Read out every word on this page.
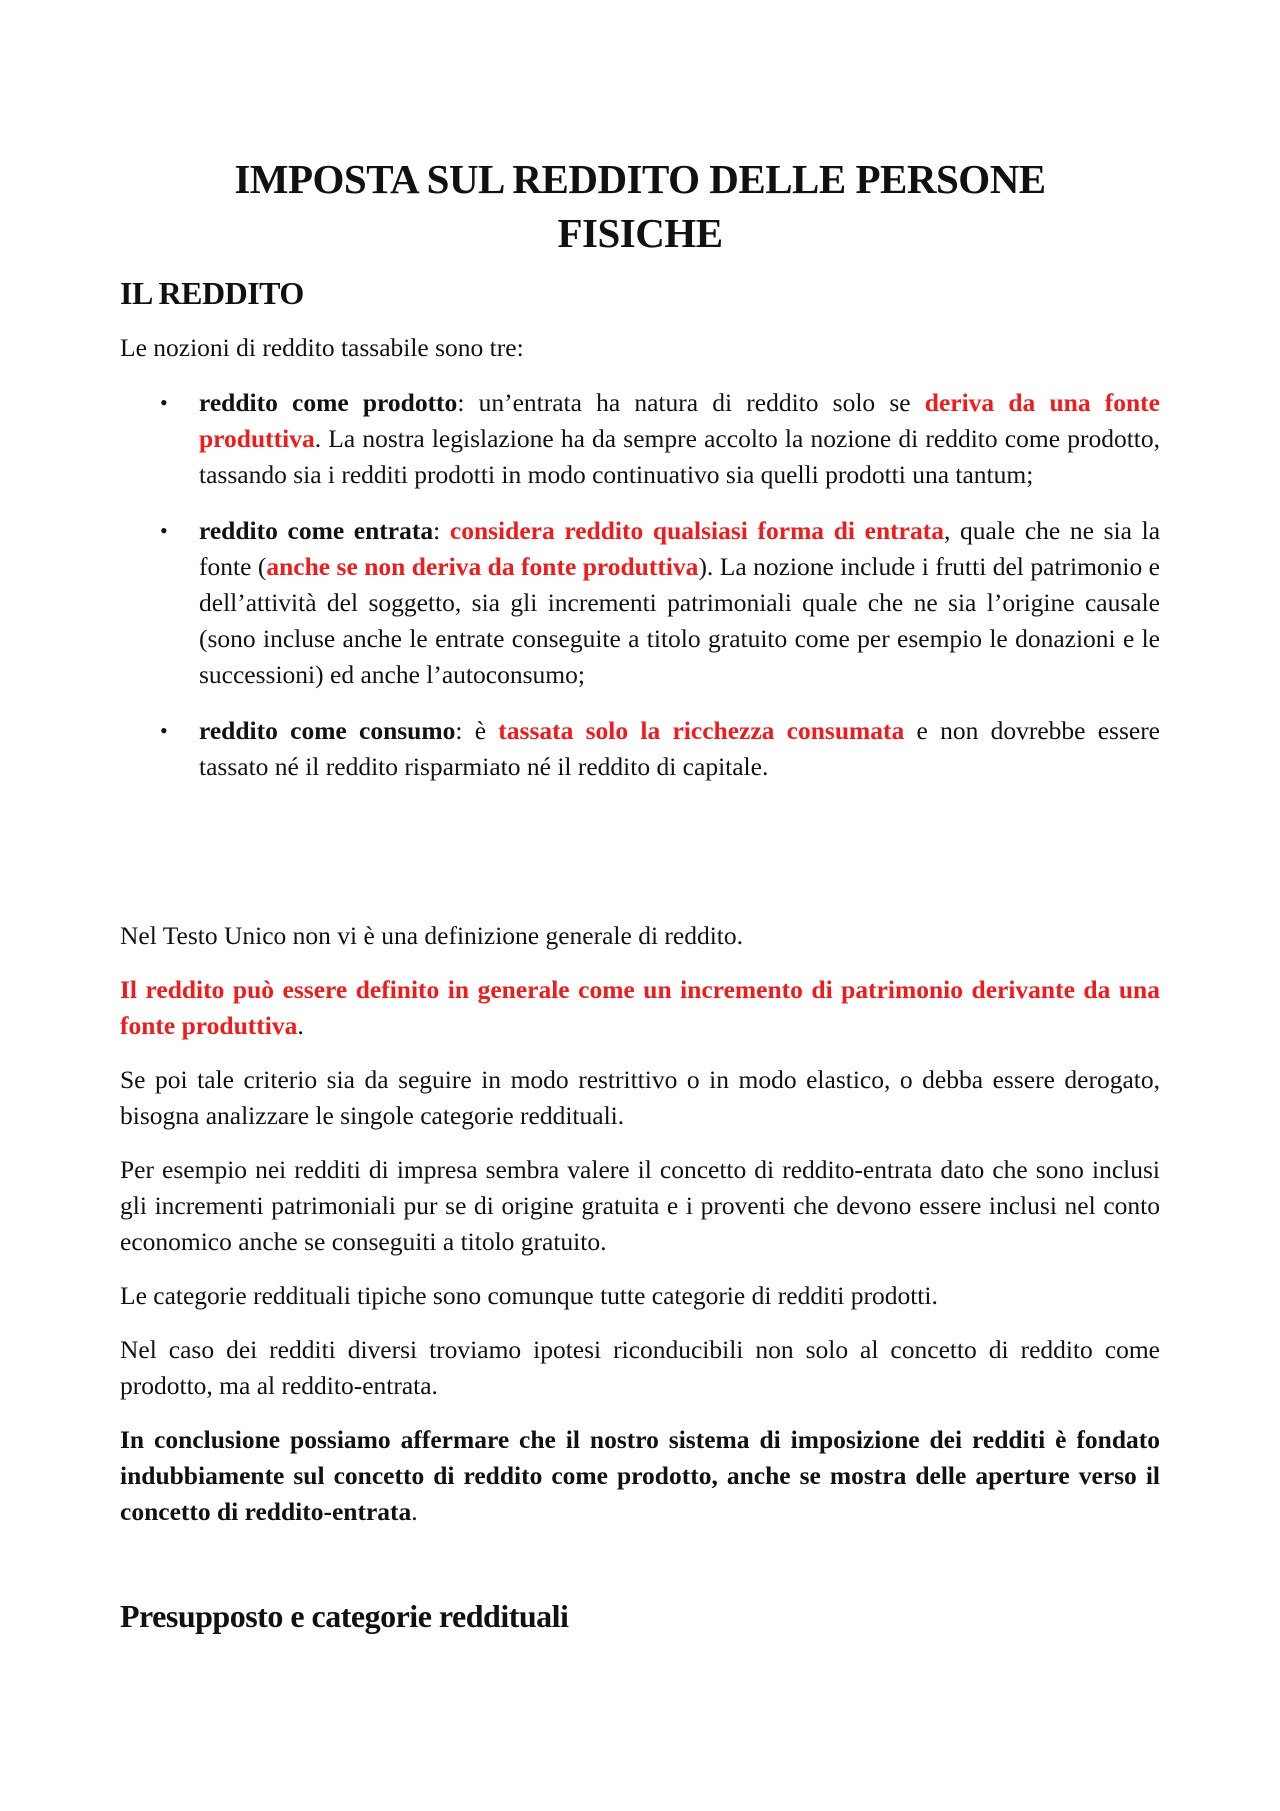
IMPOSTA SUL REDDITO DELLE PERSONE
FISICHE
IL REDDITO

Le nozioni di reddito tassabile sono tre:

• reddito come prodotto: un’entrata ha natura di reddito solo se deriva da una fonte produttiva. La nostra legislazione ha da sempre accolto la nozione di reddito come prodotto, tassando sia i redditi prodotti in modo continuativo sia quelli prodotti una tantum;
• reddito come entrata: considera reddito qualsiasi forma di entrata, quale che ne sia la fonte (anche se non deriva da fonte produttiva). La nozione include i frutti del patrimonio e dell’attività del soggetto, sia gli incrementi patrimoniali quale che ne sia l’origine causale (sono incluse anche le entrate conseguite a titolo gratuito come per esempio le donazioni e le successioni) ed anche l’autoconsumo;
• reddito come consumo: è tassata solo la ricchezza consumata e non dovrebbe essere tassato né il reddito risparmiato né il reddito di capitale.

Nel Testo Unico non vi è una definizione generale di reddito.

Il reddito può essere definito in generale come un incremento di patrimonio derivante da una fonte produttiva.

Se poi tale criterio sia da seguire in modo restrittivo o in modo elastico, o debba essere derogato, bisogna analizzare le singole categorie reddituali.

Per esempio nei redditi di impresa sembra valere il concetto di reddito-entrata dato che sono inclusi gli incrementi patrimoniali pur se di origine gratuita e i proventi che devono essere inclusi nel conto economico anche se conseguiti a titolo gratuito.

Le categorie reddituali tipiche sono comunque tutte categorie di redditi prodotti.

Nel caso dei redditi diversi troviamo ipotesi riconducibili non solo al concetto di reddito come prodotto, ma al reddito-entrata.

In conclusione possiamo affermare che il nostro sistema di imposizione dei redditi è fondato indubbiamente sul concetto di reddito come prodotto, anche se mostra delle aperture verso il concetto di reddito-entrata.

Presupposto e categorie reddituali
